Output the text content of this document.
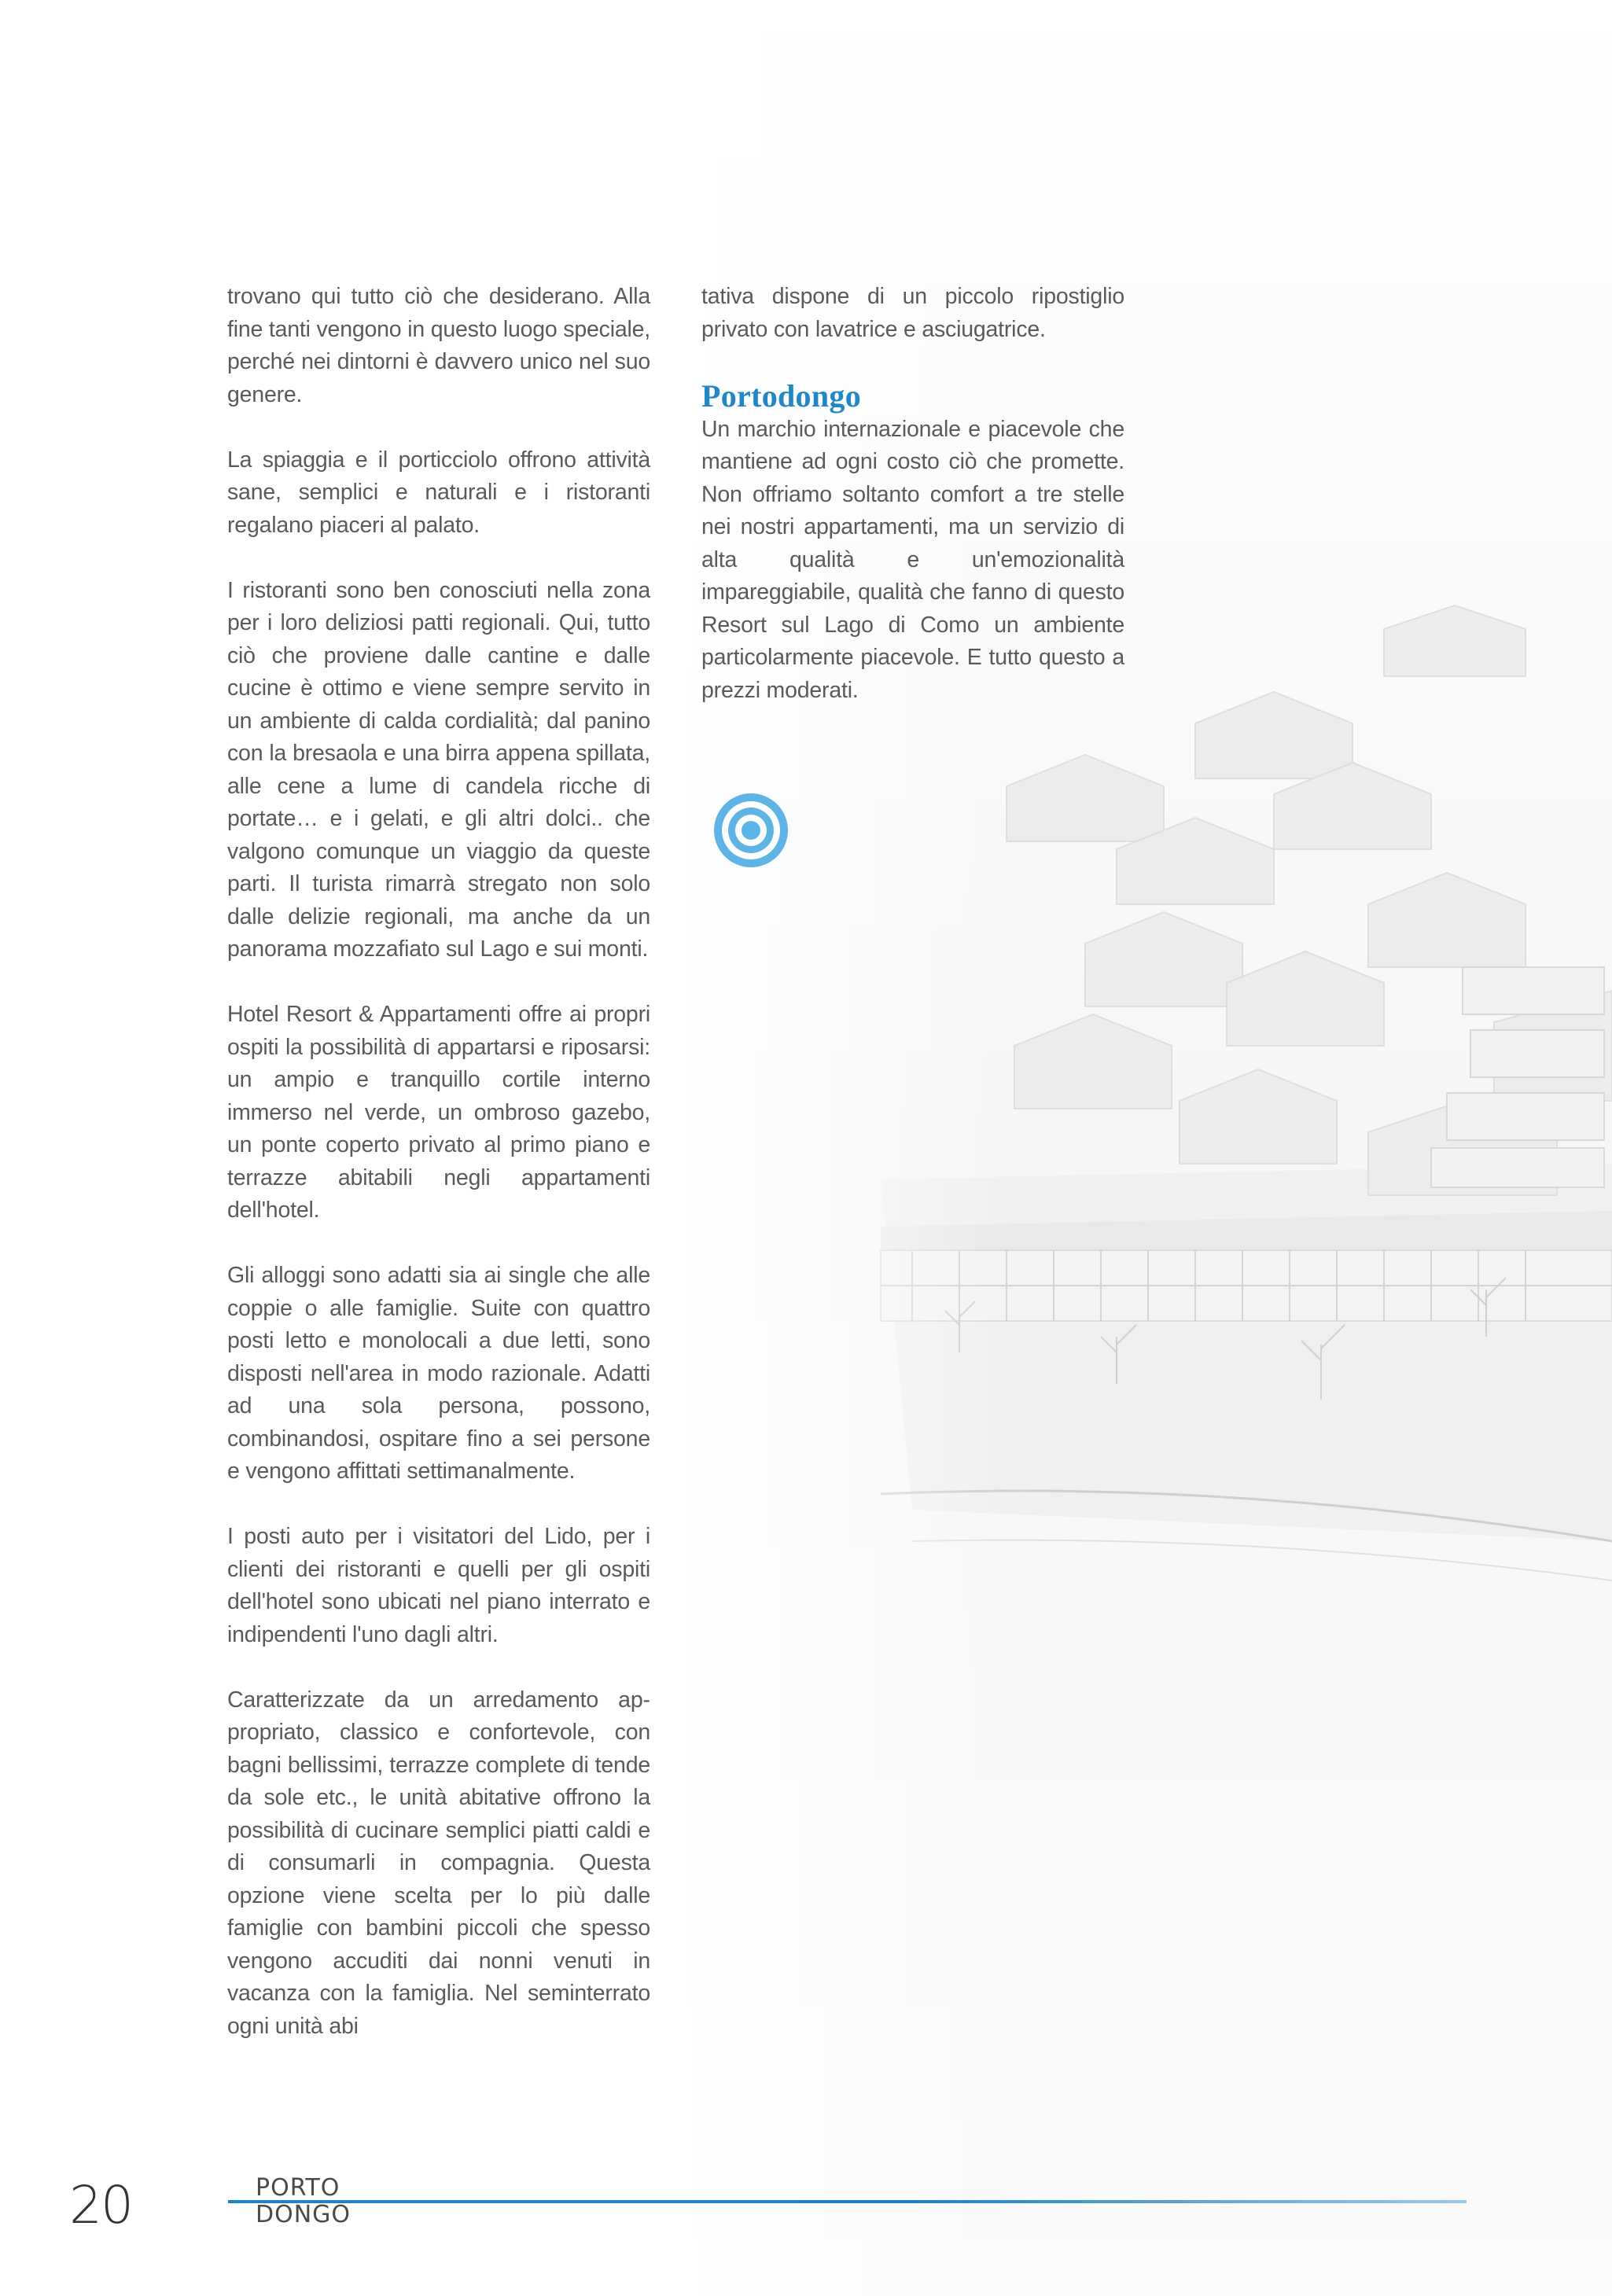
trovano qui tutto ciò che desiderano. Alla fine tanti vengono in questo luogo speciale, perché nei dintorni è davvero unico nel suo genere.

La spiaggia e il porticciolo offrono attività sane, semplici e naturali e i ristoranti regalano piaceri al palato.

I ristoranti sono ben conosciuti nella zona per i loro deliziosi patti regionali. Qui, tutto ciò che proviene dalle cantine e dalle cucine è ottimo e viene sempre servito in un ambiente di calda cordialità; dal panino con la bresaola e una birra appena spillata, alle cene a lume di candela ricche di portate… e i gelati, e gli altri dolci.. che valgono comunque un viaggio da queste parti. Il turista rimarrà stregato non solo dalle delizie regionali, ma anche da un panorama mozzafiato sul Lago e sui monti.

Hotel Resort & Appartamenti offre ai propri ospiti la possibilità di appartarsi e riposarsi: un ampio e tranquillo cortile interno immerso nel verde, un ombroso gazebo, un ponte coperto privato al primo piano e terrazze abitabili negli appartamenti dell'hotel.

Gli alloggi sono adatti sia ai single che alle coppie o alle famiglie. Suite con quattro posti letto e monolocali a due letti, sono disposti nell'area in modo razionale. Adatti ad una sola persona, possono, combinandosi, ospitare fino a sei persone e vengono affittati settimanalmente.

I posti auto per i visitatori del Lido, per i clienti dei ristoranti e quelli per gli ospiti dell'hotel sono ubicati nel piano interrato e indipendenti l'uno dagli altri.

Caratterizzate da un arredamento appropriato, classico e confortevole, con bagni bellissimi, terrazze complete di tende da sole etc., le unità abitative offrono la possibilità di cucinare semplici piatti caldi e di consumarli in compagnia. Questa opzione viene scelta per lo più dalle famiglie con bambini piccoli che spesso vengono accuditi dai nonni venuti in vacanza con la famiglia. Nel seminterrato ogni unità abi

tativa dispone di un piccolo ripostiglio privato con lavatrice e asciugatrice.

Portodongo

Un marchio internazionale e piacevole che mantiene ad ogni costo ciò che promette. Non offriamo soltanto comfort a tre stelle nei nostri appartamenti, ma un servizio di alta qualità e un'emozionalità impareggiabile, qualità che fanno di questo Resort sul Lago di Como un ambiente particolarmente piacevole. E tutto questo a prezzi moderati.

20	PORTO
DONGO
